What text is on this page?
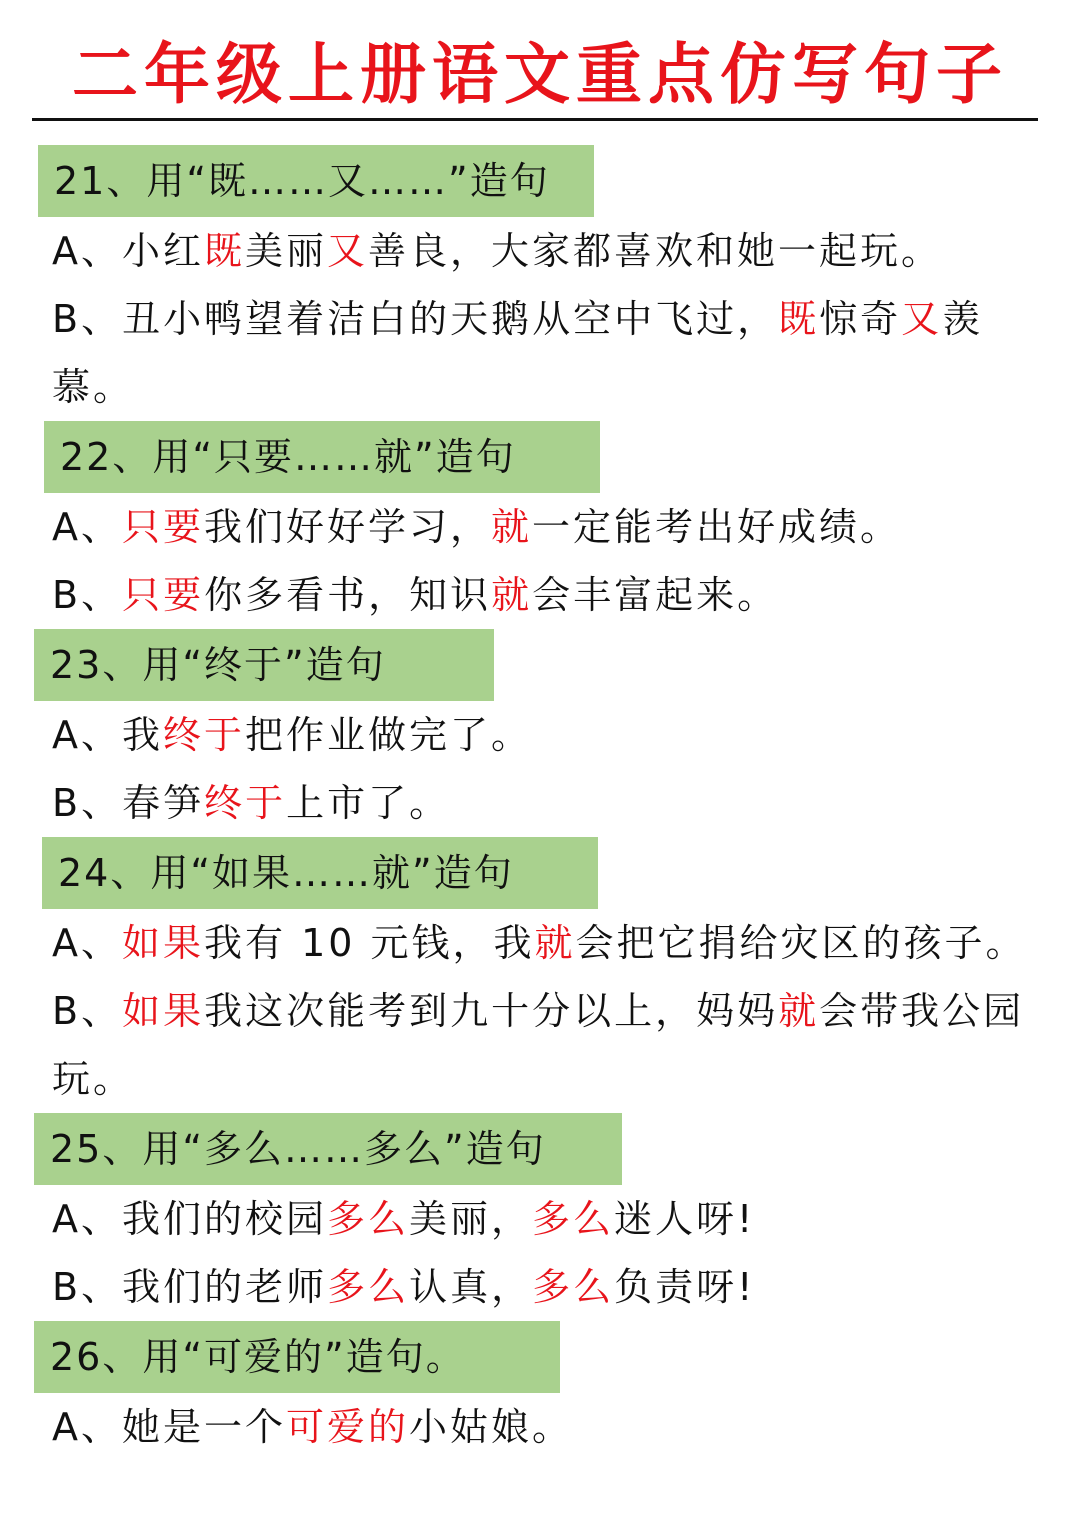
二年级上册语文重点仿写句子
21、用“既……又……”造句
A、小红既美丽又善良，大家都喜欢和她一起玩。
B、丑小鸭望着洁白的天鹅从空中飞过，既惊奇又羡慕。
22、用“只要……就”造句
A、只要我们好好学习，就一定能考出好成绩。
B、只要你多看书，知识就会丰富起来。
23、用“终于”造句
A、我终于把作业做完了。
B、春笋终于上市了。
24、用“如果……就”造句
A、如果我有 10 元钱，我就会把它捐给灾区的孩子。
B、如果我这次能考到九十分以上，妈妈就会带我公园玩。
25、用“多么……多么”造句
A、我们的校园多么美丽，多么迷人呀!
B、我们的老师多么认真，多么负责呀!
26、用“可爱的”造句。
A、她是一个可爱的小姑娘。
